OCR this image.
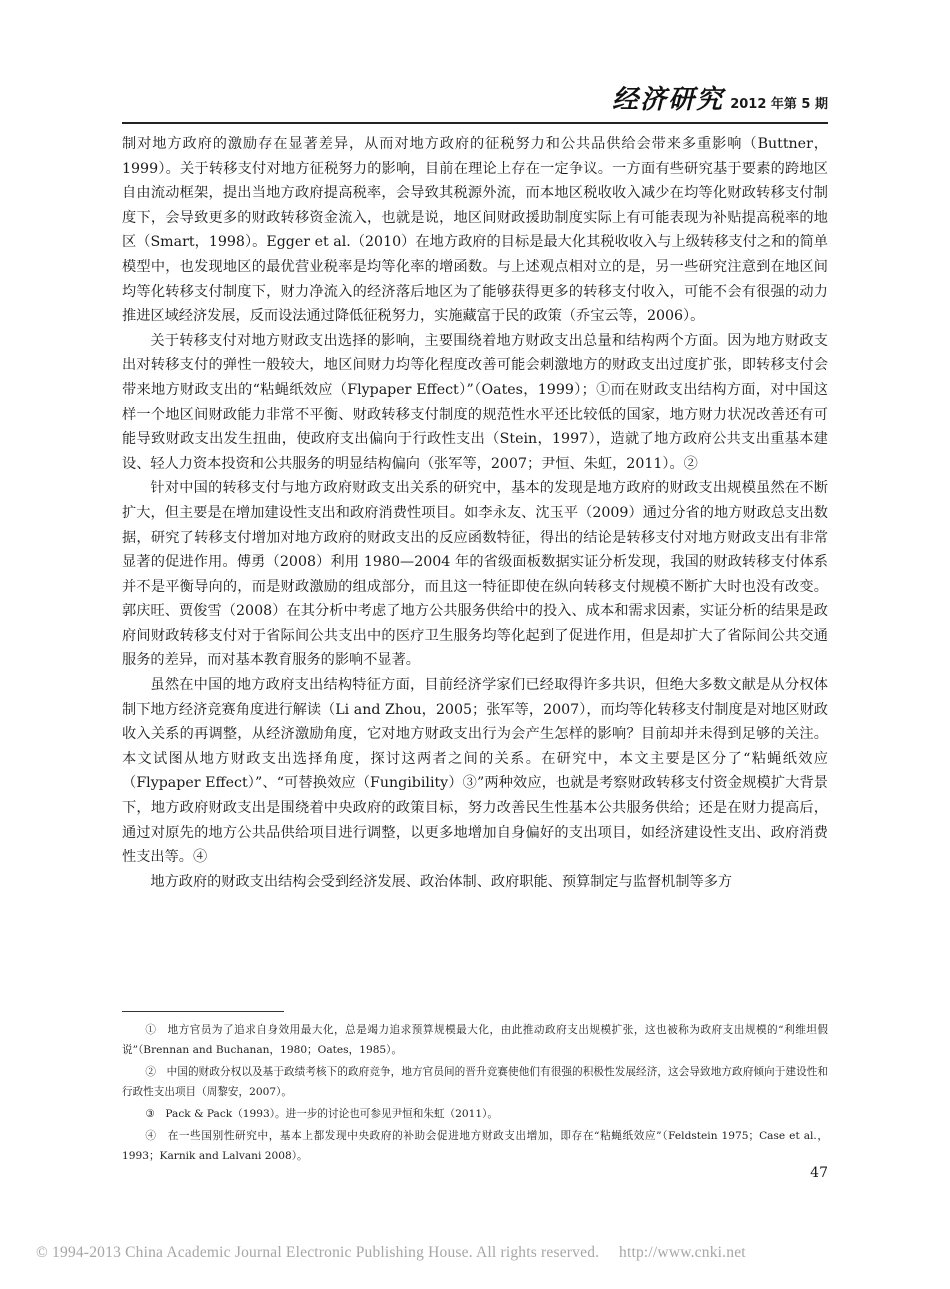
经济研究 2012 年第 5 期

制对地方政府的激励存在显著差异，从而对地方政府的征税努力和公共品供给会带来多重影响（Buttner，1999）。关于转移支付对地方征税努力的影响，目前在理论上存在一定争议。一方面有些研究基于要素的跨地区自由流动框架，提出当地方政府提高税率，会导致其税源外流，而本地区税收收入减少在均等化财政转移支付制度下，会导致更多的财政转移资金流入，也就是说，地区间财政援助制度实际上有可能表现为补贴提高税率的地区（Smart，1998）。Egger et al.（2010）在地方政府的目标是最大化其税收收入与上级转移支付之和的简单模型中，也发现地区的最优营业税率是均等化率的增函数。与上述观点相对立的是，另一些研究注意到在地区间均等化转移支付制度下，财力净流入的经济落后地区为了能够获得更多的转移支付收入，可能不会有很强的动力推进区域经济发展，反而设法通过降低征税努力，实施藏富于民的政策（乔宝云等，2006）。

关于转移支付对地方财政支出选择的影响，主要围绕着地方财政支出总量和结构两个方面。因为地方财政支出对转移支付的弹性一般较大，地区间财力均等化程度改善可能会刺激地方的财政支出过度扩张，即转移支付会带来地方财政支出的“粘蝇纸效应（Flypaper Effect）”（Oates，1999）；①而在财政支出结构方面，对中国这样一个地区间财政能力非常不平衡、财政转移支付制度的规范性水平还比较低的国家，地方财力状况改善还有可能导致财政支出发生扭曲，使政府支出偏向于行政性支出（Stein，1997），造就了地方政府公共支出重基本建设、轻人力资本投资和公共服务的明显结构偏向（张军等，2007；尹恒、朱虹，2011）。②

针对中国的转移支付与地方政府财政支出关系的研究中，基本的发现是地方政府的财政支出规模虽然在不断扩大，但主要是在增加建设性支出和政府消费性项目。如李永友、沈玉平（2009）通过分省的地方财政总支出数据，研究了转移支付增加对地方政府的财政支出的反应函数特征，得出的结论是转移支付对地方财政支出有非常显著的促进作用。傅勇（2008）利用 1980—2004 年的省级面板数据实证分析发现，我国的财政转移支付体系并不是平衡导向的，而是财政激励的组成部分，而且这一特征即使在纵向转移支付规模不断扩大时也没有改变。郭庆旺、贾俊雪（2008）在其分析中考虑了地方公共服务供给中的投入、成本和需求因素，实证分析的结果是政府间财政转移支付对于省际间公共支出中的医疗卫生服务均等化起到了促进作用，但是却扩大了省际间公共交通服务的差异，而对基本教育服务的影响不显著。

虽然在中国的地方政府支出结构特征方面，目前经济学家们已经取得许多共识，但绝大多数文献是从分权体制下地方经济竞赛角度进行解读（Li and Zhou，2005；张军等，2007），而均等化转移支付制度是对地区财政收入关系的再调整，从经济激励角度，它对地方财政支出行为会产生怎样的影响？目前却并未得到足够的关注。本文试图从地方财政支出选择角度，探讨这两者之间的关系。在研究中，本文主要是区分了“粘蝇纸效应（Flypaper Effect）”、“可替换效应（Fungibility）③”两种效应，也就是考察财政转移支付资金规模扩大背景下，地方政府财政支出是围绕着中央政府的政策目标，努力改善民生性基本公共服务供给；还是在财力提高后，通过对原先的地方公共品供给项目进行调整，以更多地增加自身偏好的支出项目，如经济建设性支出、政府消费性支出等。④

地方政府的财政支出结构会受到经济发展、政治体制、政府职能、预算制定与监督机制等多方

①　地方官员为了追求自身效用最大化，总是竭力追求预算规模最大化，由此推动政府支出规模扩张，这也被称为政府支出规模的“利维坦假说”（Brennan and Buchanan，1980；Oates，1985）。

②　中国的财政分权以及基于政绩考核下的政府竞争，地方官员间的晋升竞赛使他们有很强的积极性发展经济，这会导致地方政府倾向于建设性和行政性支出项目（周黎安，2007）。

③　Pack & Pack（1993）。进一步的讨论也可参见尹恒和朱虹（2011）。

④　在一些国别性研究中，基本上都发现中央政府的补助会促进地方财政支出增加，即存在“粘蝇纸效应”（Feldstein 1975；Case et al.，1993；Karnik and Lalvani 2008）。

47
© 1994-2013 China Academic Journal Electronic Publishing House. All rights reserved.　 http://www.cnki.net
